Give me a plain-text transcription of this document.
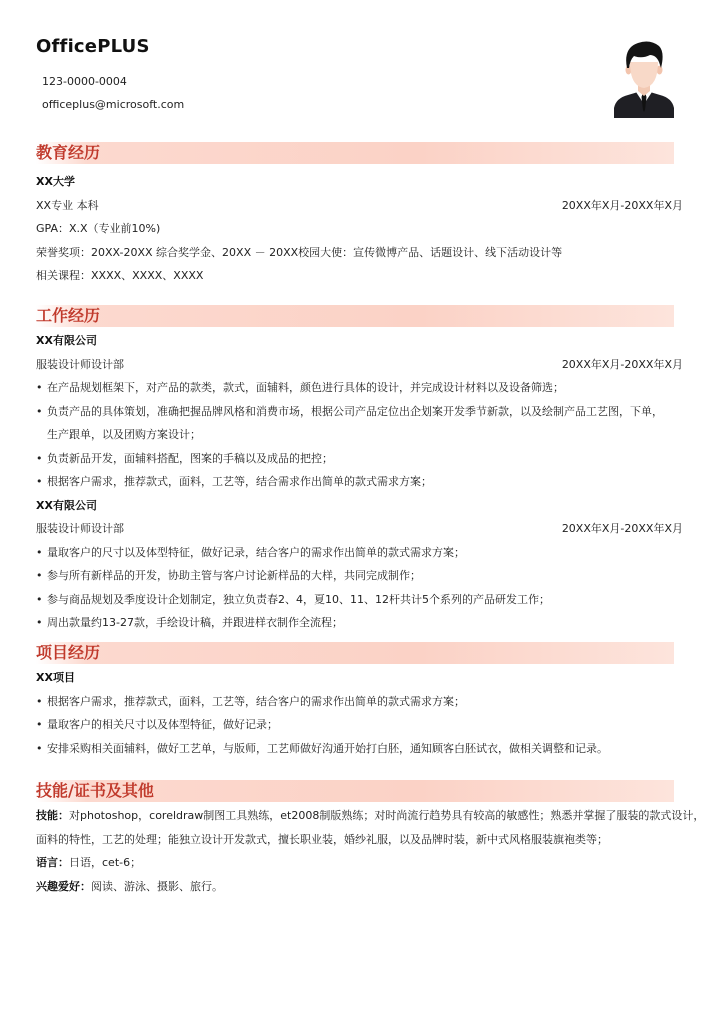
OfficePLUS
123-0000-0004
officeplus@microsoft.com
教育经历
XX大学
XX专业 本科	20XX年X月-20XX年X月
GPA：X.X（专业前10%)
荣誉奖项：20XX-20XX 综合奖学金、20XX － 20XX校园大使：宣传微博产品、话题设计、线下活动设计等
相关课程：XXXX、XXXX、XXXX
工作经历
XX有限公司
服装设计师设计部	20XX年X月-20XX年X月
• 在产品规划框架下，对产品的款类，款式，面辅料，颜色进行具体的设计，并完成设计材料以及设备筛选；
• 负责产品的具体策划，准确把握品牌风格和消费市场，根据公司产品定位出企划案开发季节新款，以及绘制产品工艺图，下单，
生产跟单，以及团购方案设计；
• 负责新品开发，面辅料搭配，图案的手稿以及成品的把控；
• 根据客户需求，推荐款式，面料，工艺等，结合需求作出简单的款式需求方案；
XX有限公司
服装设计师设计部	20XX年X月-20XX年X月
• 量取客户的尺寸以及体型特征，做好记录，结合客户的需求作出简单的款式需求方案；
• 参与所有新样品的开发，协助主管与客户讨论新样品的大样，共同完成制作；
• 参与商品规划及季度设计企划制定，独立负责春2、4，夏10、11、12杆共计5个系列的产品研发工作；
• 周出款量约13-27款，手绘设计稿，并跟进样衣制作全流程；
项目经历
XX项目
• 根据客户需求，推荐款式，面料，工艺等，结合客户的需求作出简单的款式需求方案；
• 量取客户的相关尺寸以及体型特征，做好记录；
• 安排采购相关面辅料，做好工艺单，与版师，工艺师做好沟通开始打白胚，通知顾客白胚试衣，做相关调整和记录。
技能/证书及其他
技能：对photoshop，coreldraw制图工具熟练，et2008制版熟练；对时尚流行趋势具有较高的敏感性；熟悉并掌握了服装的款式设计，
面料的特性，工艺的处理；能独立设计开发款式，擅长职业装，婚纱礼服，以及品牌时装，新中式风格服装旗袍类等；
语言：日语，cet-6；
兴趣爱好：阅读、游泳、摄影、旅行。
